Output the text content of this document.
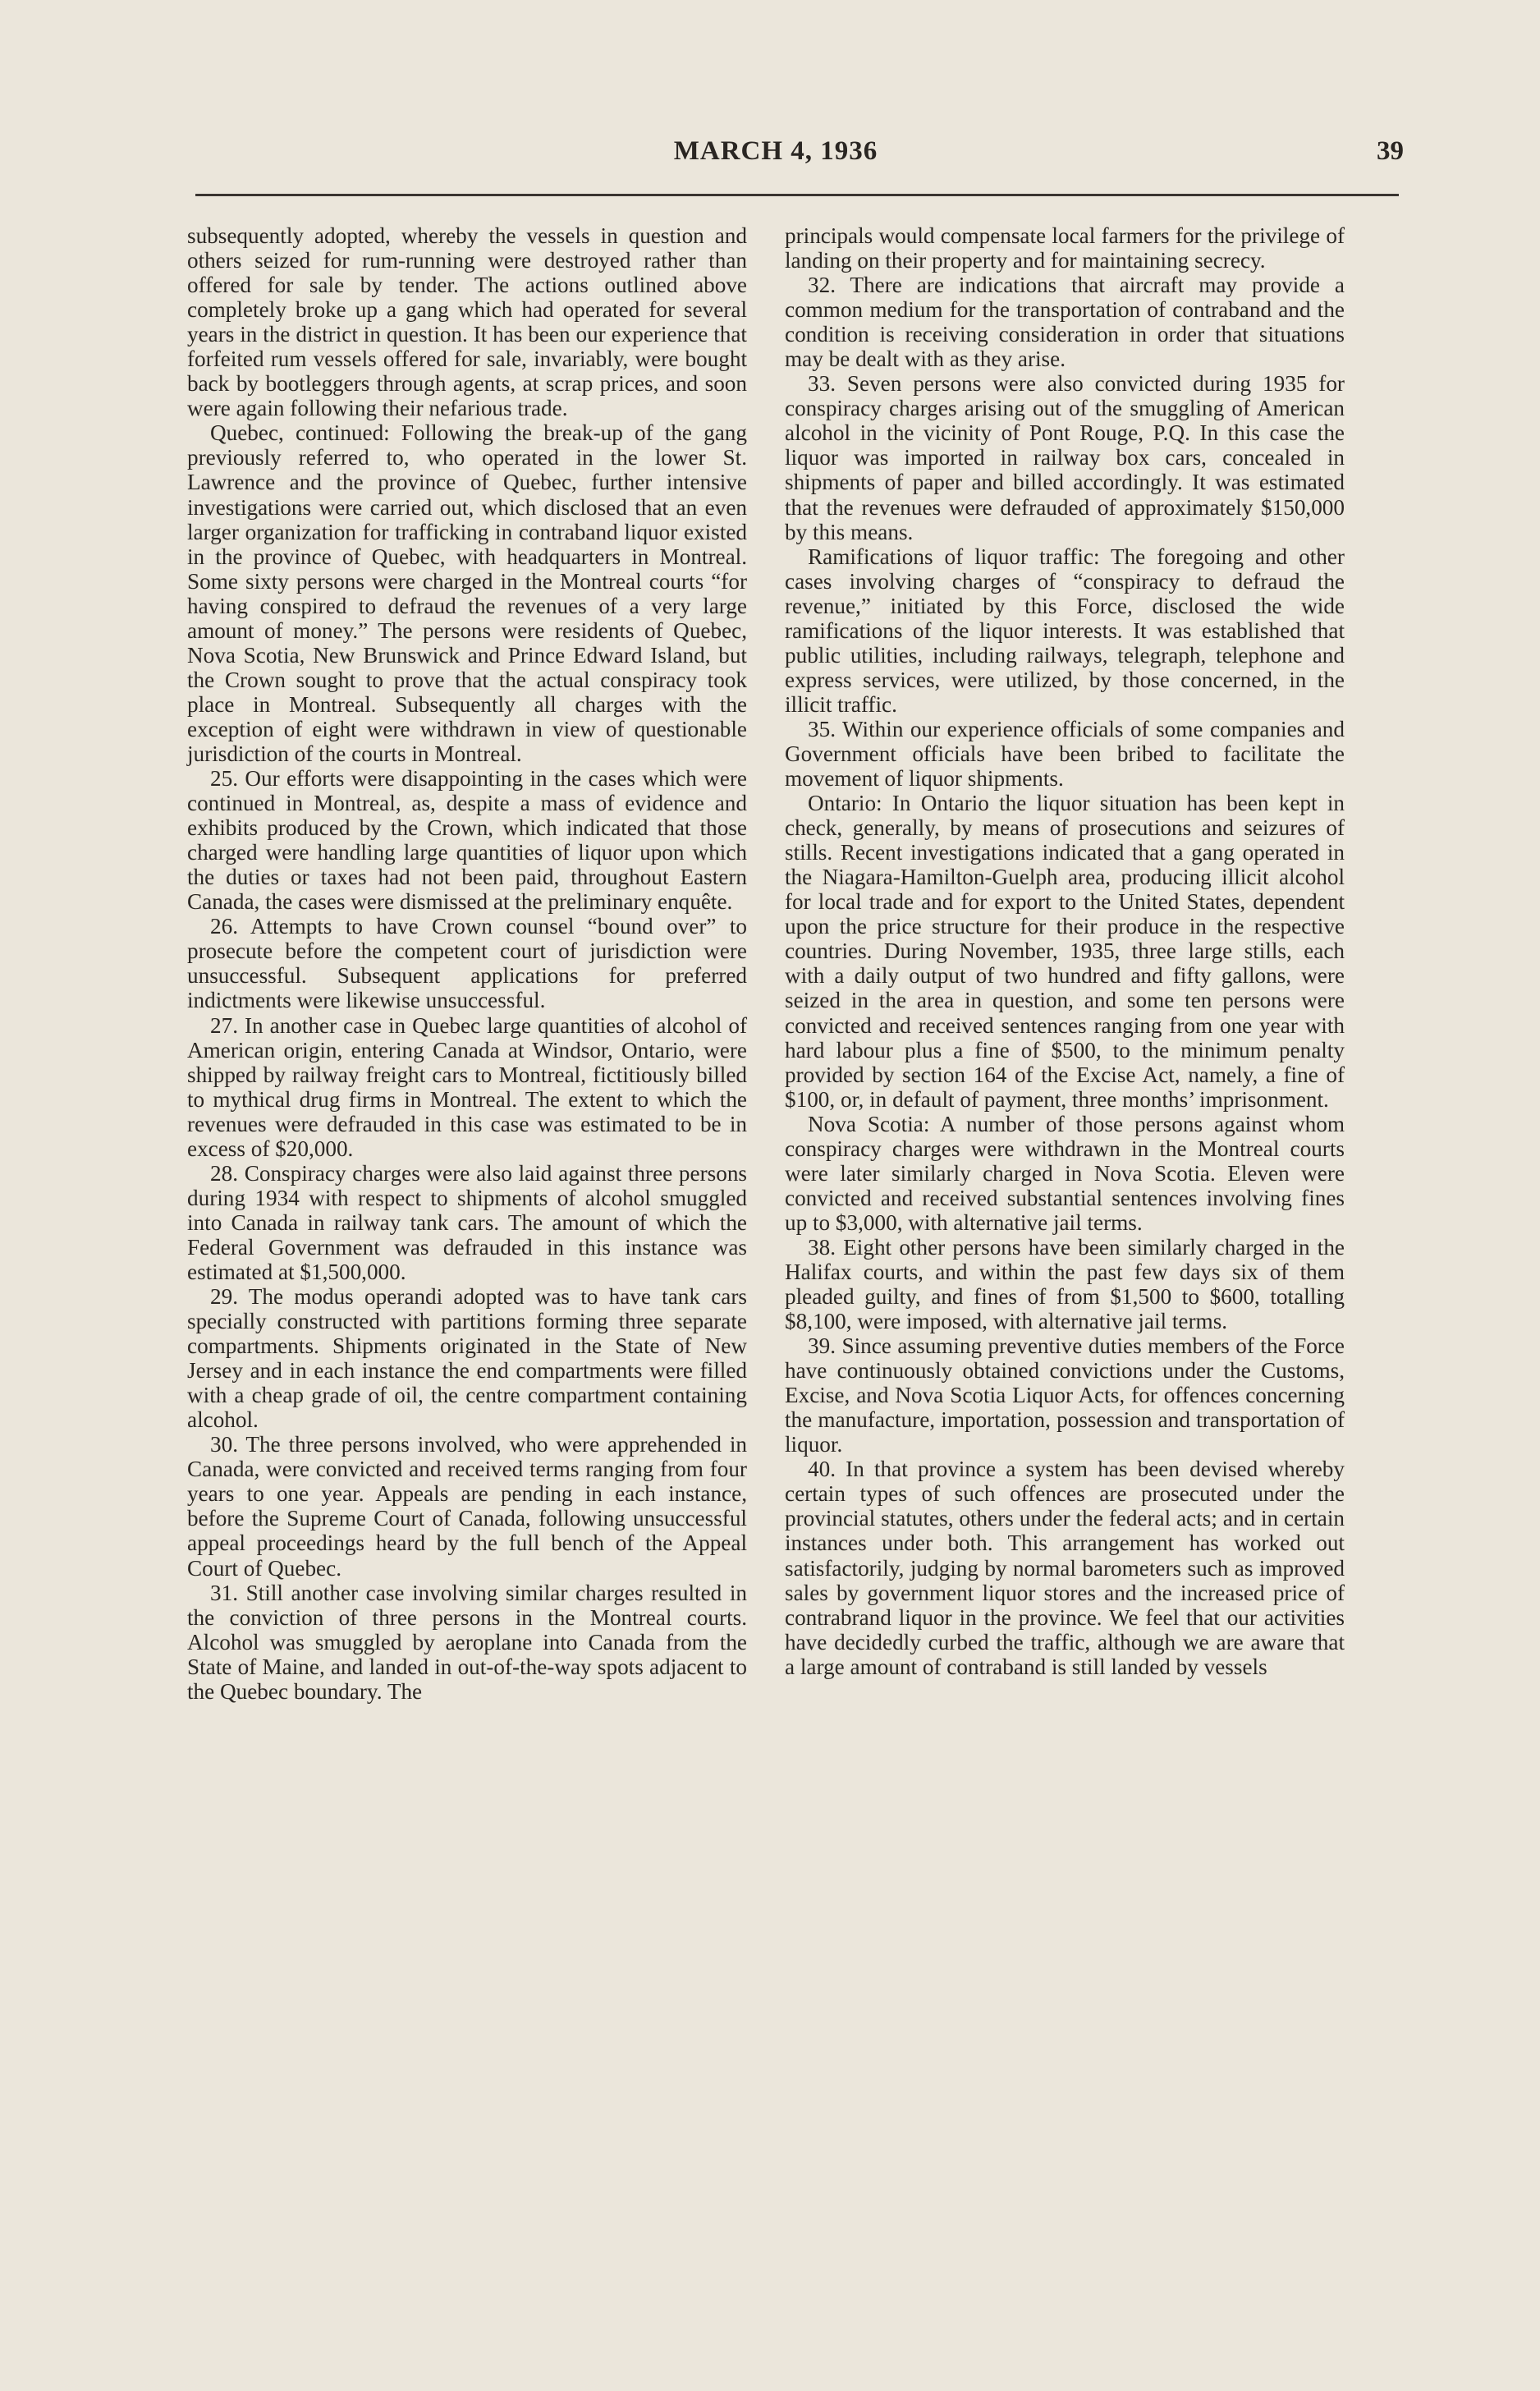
MARCH 4, 1936	39

subsequently adopted, whereby the vessels in question and others seized for rum-running were destroyed rather than offered for sale by tender. The actions outlined above completely broke up a gang which had operated for several years in the district in question. It has been our experience that forfeited rum vessels offered for sale, invariably, were bought back by bootleggers through agents, at scrap prices, and soon were again following their nefarious trade.

Quebec, continued: Following the break-up of the gang previously referred to, who operated in the lower St. Lawrence and the province of Quebec, further intensive investigations were carried out, which disclosed that an even larger organization for trafficking in contraband liquor existed in the province of Quebec, with headquarters in Montreal. Some sixty persons were charged in the Montreal courts “for having conspired to defraud the revenues of a very large amount of money.” The persons were residents of Quebec, Nova Scotia, New Brunswick and Prince Edward Island, but the Crown sought to prove that the actual conspiracy took place in Montreal. Subsequently all charges with the exception of eight were withdrawn in view of questionable jurisdiction of the courts in Montreal.

25. Our efforts were disappointing in the cases which were continued in Montreal, as, despite a mass of evidence and exhibits produced by the Crown, which indicated that those charged were handling large quantities of liquor upon which the duties or taxes had not been paid, throughout Eastern Canada, the cases were dismissed at the preliminary enquête.

26. Attempts to have Crown counsel “bound over” to prosecute before the competent court of jurisdiction were unsuccessful. Subsequent applications for preferred indictments were likewise unsuccessful.

27. In another case in Quebec large quantities of alcohol of American origin, entering Canada at Windsor, Ontario, were shipped by railway freight cars to Montreal, fictitiously billed to mythical drug firms in Montreal. The extent to which the revenues were defrauded in this case was estimated to be in excess of $20,000.

28. Conspiracy charges were also laid against three persons during 1934 with respect to shipments of alcohol smuggled into Canada in railway tank cars. The amount of which the Federal Government was defrauded in this instance was estimated at $1,500,000.

29. The modus operandi adopted was to have tank cars specially constructed with partitions forming three separate compartments. Shipments originated in the State of New Jersey and in each instance the end compartments were filled with a cheap grade of oil, the centre compartment containing alcohol.

30. The three persons involved, who were apprehended in Canada, were convicted and received terms ranging from four years to one year. Appeals are pending in each instance, before the Supreme Court of Canada, following unsuccessful appeal proceedings heard by the full bench of the Appeal Court of Quebec.

31. Still another case involving similar charges resulted in the conviction of three persons in the Montreal courts. Alcohol was smuggled by aeroplane into Canada from the State of Maine, and landed in out-of-the-way spots adjacent to the Quebec boundary. The

principals would compensate local farmers for the privilege of landing on their property and for maintaining secrecy.

32. There are indications that aircraft may provide a common medium for the transportation of contraband and the condition is receiving consideration in order that situations may be dealt with as they arise.

33. Seven persons were also convicted during 1935 for conspiracy charges arising out of the smuggling of American alcohol in the vicinity of Pont Rouge, P.Q. In this case the liquor was imported in railway box cars, concealed in shipments of paper and billed accordingly. It was estimated that the revenues were defrauded of approximately $150,000 by this means.

Ramifications of liquor traffic: The foregoing and other cases involving charges of “conspiracy to defraud the revenue,” initiated by this Force, disclosed the wide ramifications of the liquor interests. It was established that public utilities, including railways, telegraph, telephone and express services, were utilized, by those concerned, in the illicit traffic.

35. Within our experience officials of some companies and Government officials have been bribed to facilitate the movement of liquor shipments.

Ontario: In Ontario the liquor situation has been kept in check, generally, by means of prosecutions and seizures of stills. Recent investigations indicated that a gang operated in the Niagara-Hamilton-Guelph area, producing illicit alcohol for local trade and for export to the United States, dependent upon the price structure for their produce in the respective countries. During November, 1935, three large stills, each with a daily output of two hundred and fifty gallons, were seized in the area in question, and some ten persons were convicted and received sentences ranging from one year with hard labour plus a fine of $500, to the minimum penalty provided by section 164 of the Excise Act, namely, a fine of $100, or, in default of payment, three months’ imprisonment.

Nova Scotia: A number of those persons against whom conspiracy charges were withdrawn in the Montreal courts were later similarly charged in Nova Scotia. Eleven were convicted and received substantial sentences involving fines up to $3,000, with alternative jail terms.

38. Eight other persons have been similarly charged in the Halifax courts, and within the past few days six of them pleaded guilty, and fines of from $1,500 to $600, totalling $8,100, were imposed, with alternative jail terms.

39. Since assuming preventive duties members of the Force have continuously obtained convictions under the Customs, Excise, and Nova Scotia Liquor Acts, for offences concerning the manufacture, importation, possession and transportation of liquor.

40. In that province a system has been devised whereby certain types of such offences are prosecuted under the provincial statutes, others under the federal acts; and in certain instances under both. This arrangement has worked out satisfactorily, judging by normal barometers such as improved sales by government liquor stores and the increased price of contrabrand liquor in the province. We feel that our activities have decidedly curbed the traffic, although we are aware that a large amount of contraband is still landed by vessels
